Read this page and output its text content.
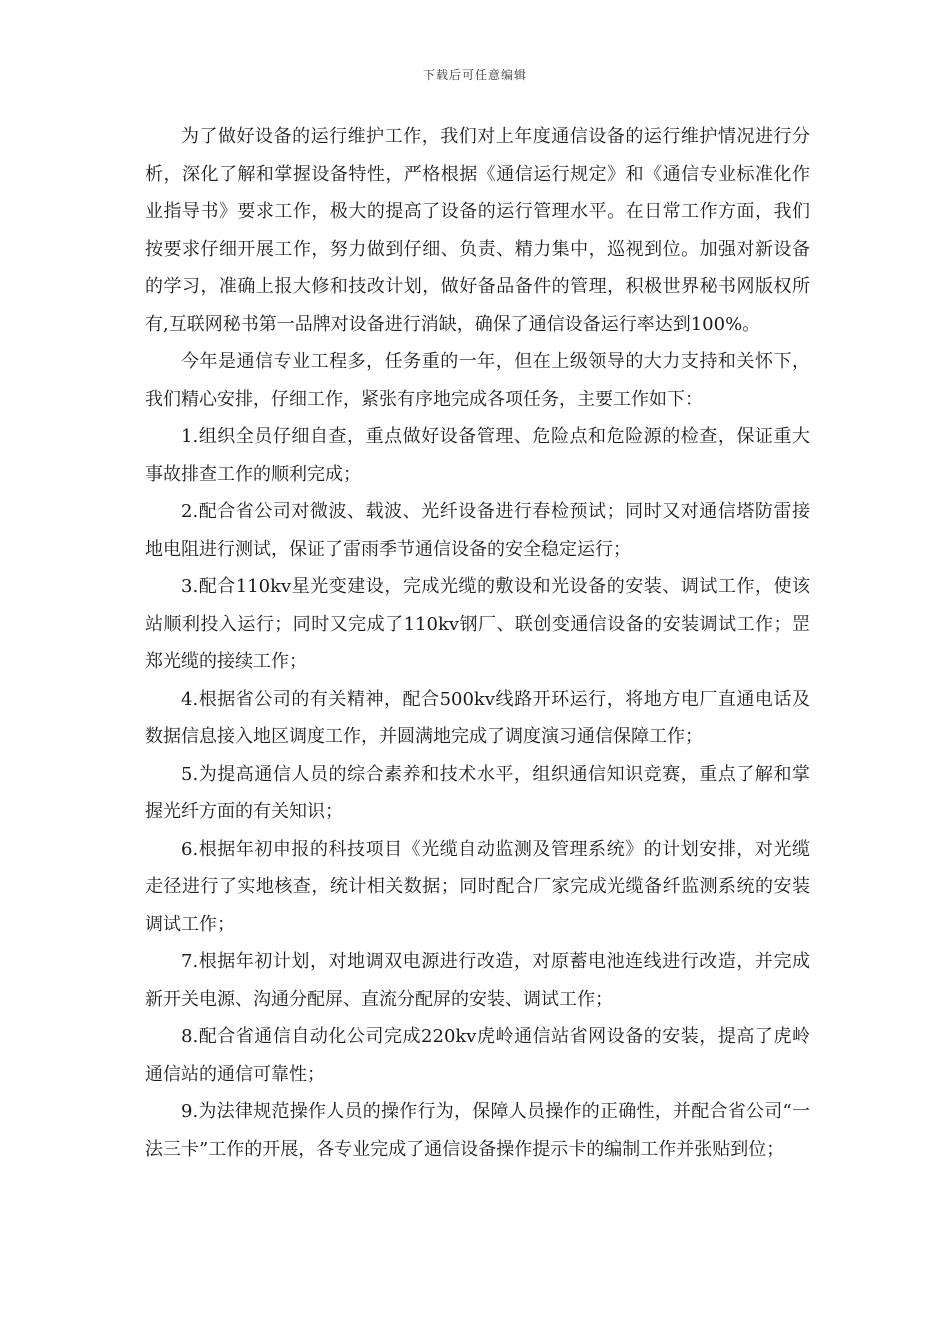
下载后可任意编辑

为了做好设备的运行维护工作，我们对上年度通信设备的运行维护情况进行分析，深化了解和掌握设备特性，严格根据《通信运行规定》和《通信专业标准化作业指导书》要求工作，极大的提高了设备的运行管理水平。在日常工作方面，我们按要求仔细开展工作，努力做到仔细、负责、精力集中，巡视到位。加强对新设备的学习，准确上报大修和技改计划，做好备品备件的管理，积极世界秘书网版权所有,互联网秘书第一品牌对设备进行消缺，确保了通信设备运行率达到100%。

今年是通信专业工程多，任务重的一年，但在上级领导的大力支持和关怀下，我们精心安排，仔细工作，紧张有序地完成各项任务，主要工作如下：

1.组织全员仔细自查，重点做好设备管理、危险点和危险源的检查，保证重大事故排查工作的顺利完成；

2.配合省公司对微波、载波、光纤设备进行春检预试；同时又对通信塔防雷接地电阻进行测试，保证了雷雨季节通信设备的安全稳定运行；

3.配合110kv星光变建设，完成光缆的敷设和光设备的安装、调试工作，使该站顺利投入运行；同时又完成了110kv钢厂、联创变通信设备的安装调试工作；罡郑光缆的接续工作；

4.根据省公司的有关精神，配合500kv线路开环运行，将地方电厂直通电话及数据信息接入地区调度工作，并圆满地完成了调度演习通信保障工作；

5.为提高通信人员的综合素养和技术水平，组织通信知识竞赛，重点了解和掌握光纤方面的有关知识；

6.根据年初申报的科技项目《光缆自动监测及管理系统》的计划安排，对光缆走径进行了实地核查，统计相关数据；同时配合厂家完成光缆备纤监测系统的安装调试工作；

7.根据年初计划，对地调双电源进行改造，对原蓄电池连线进行改造，并完成新开关电源、沟通分配屏、直流分配屏的安装、调试工作；

8.配合省通信自动化公司完成220kv虎岭通信站省网设备的安装，提高了虎岭通信站的通信可靠性；

9.为法律规范操作人员的操作行为，保障人员操作的正确性，并配合省公司“一法三卡”工作的开展，各专业完成了通信设备操作提示卡的编制工作并张贴到位；
